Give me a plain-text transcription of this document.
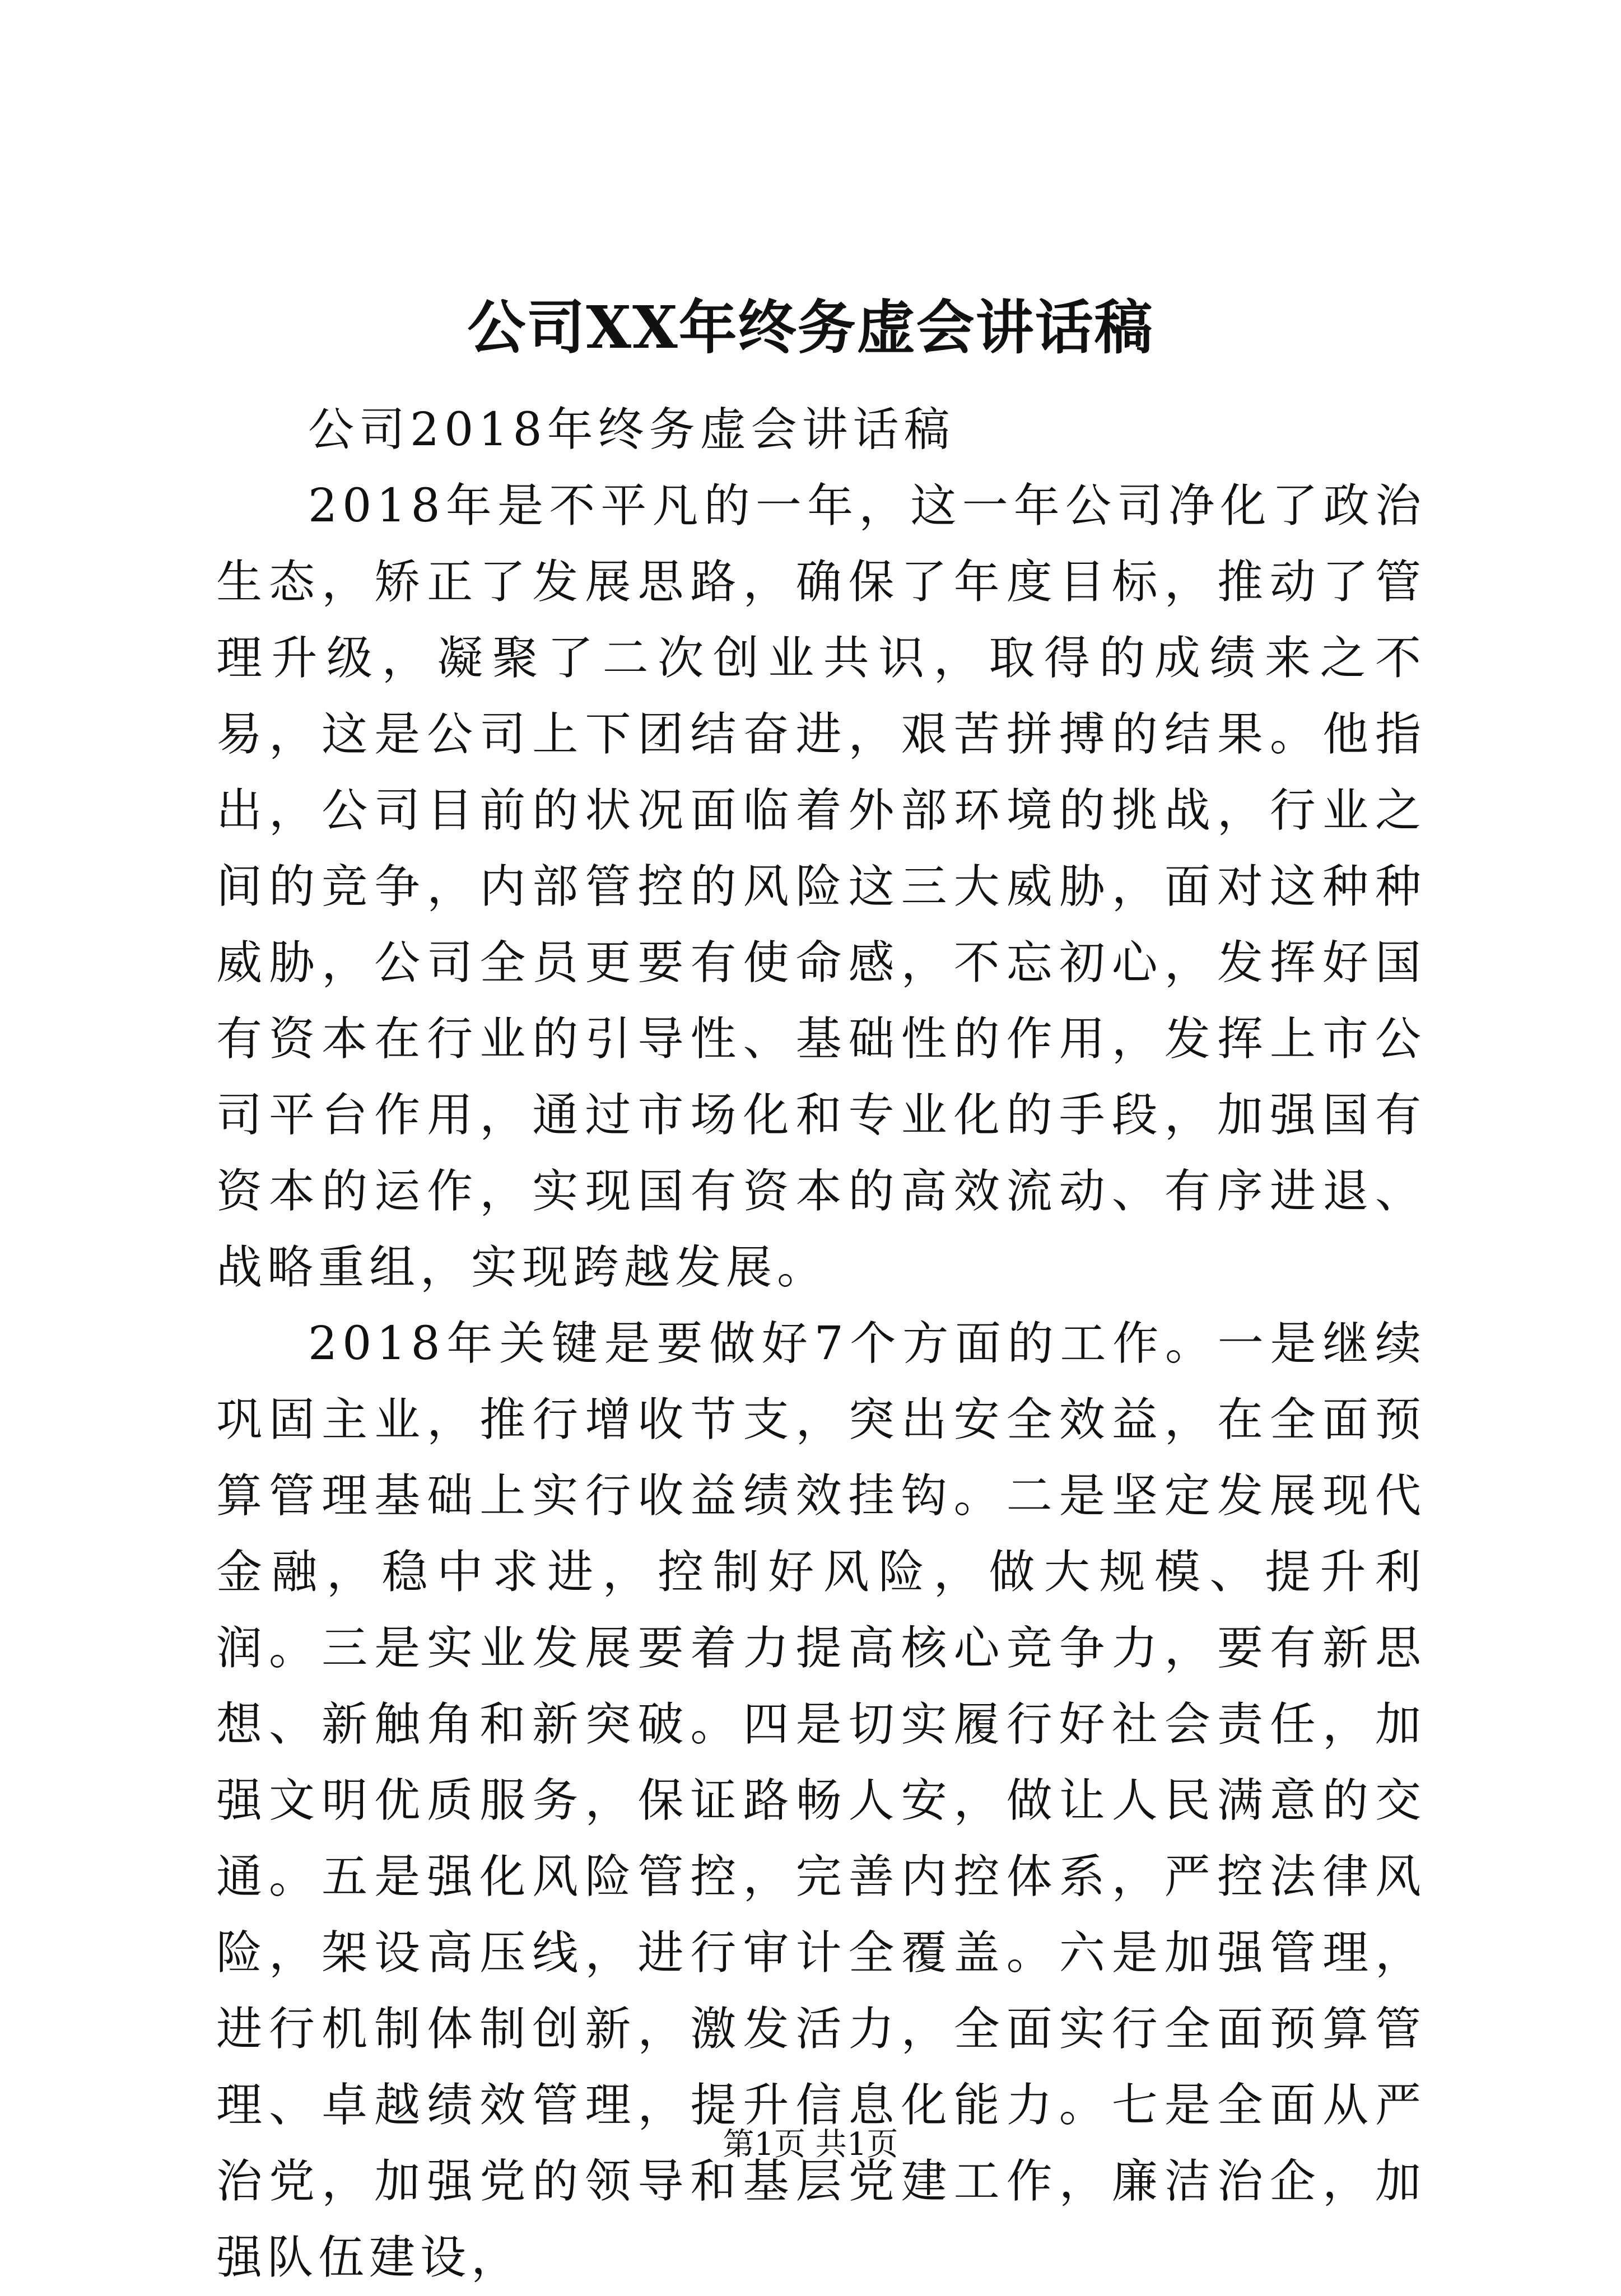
公司XX年终务虚会讲话稿

公司2018年终务虚会讲话稿

2018年是不平凡的一年，这一年公司净化了政治生态，矫正了发展思路，确保了年度目标，推动了管理升级，凝聚了二次创业共识，取得的成绩来之不易，这是公司上下团结奋进，艰苦拼搏的结果。他指出，公司目前的状况面临着外部环境的挑战，行业之间的竞争，内部管控的风险这三大威胁，面对这种种威胁，公司全员更要有使命感，不忘初心，发挥好国有资本在行业的引导性、基础性的作用，发挥上市公司平台作用，通过市场化和专业化的手段，加强国有资本的运作，实现国有资本的高效流动、有序进退、战略重组，实现跨越发展。

2018年关键是要做好7个方面的工作。一是继续巩固主业，推行增收节支，突出安全效益，在全面预算管理基础上实行收益绩效挂钩。二是坚定发展现代金融，稳中求进，控制好风险，做大规模、提升利润。三是实业发展要着力提高核心竞争力，要有新思想、新触角和新突破。四是切实履行好社会责任，加强文明优质服务，保证路畅人安，做让人民满意的交通。五是强化风险管控，完善内控体系，严控法律风险，架设高压线，进行审计全覆盖。六是加强管理，进行机制体制创新，激发活力，全面实行全面预算管理、卓越绩效管理，提升信息化能力。七是全面从严治党，加强党的领导和基层党建工作，廉洁治企，加强队伍建设，

第1页 共1页
